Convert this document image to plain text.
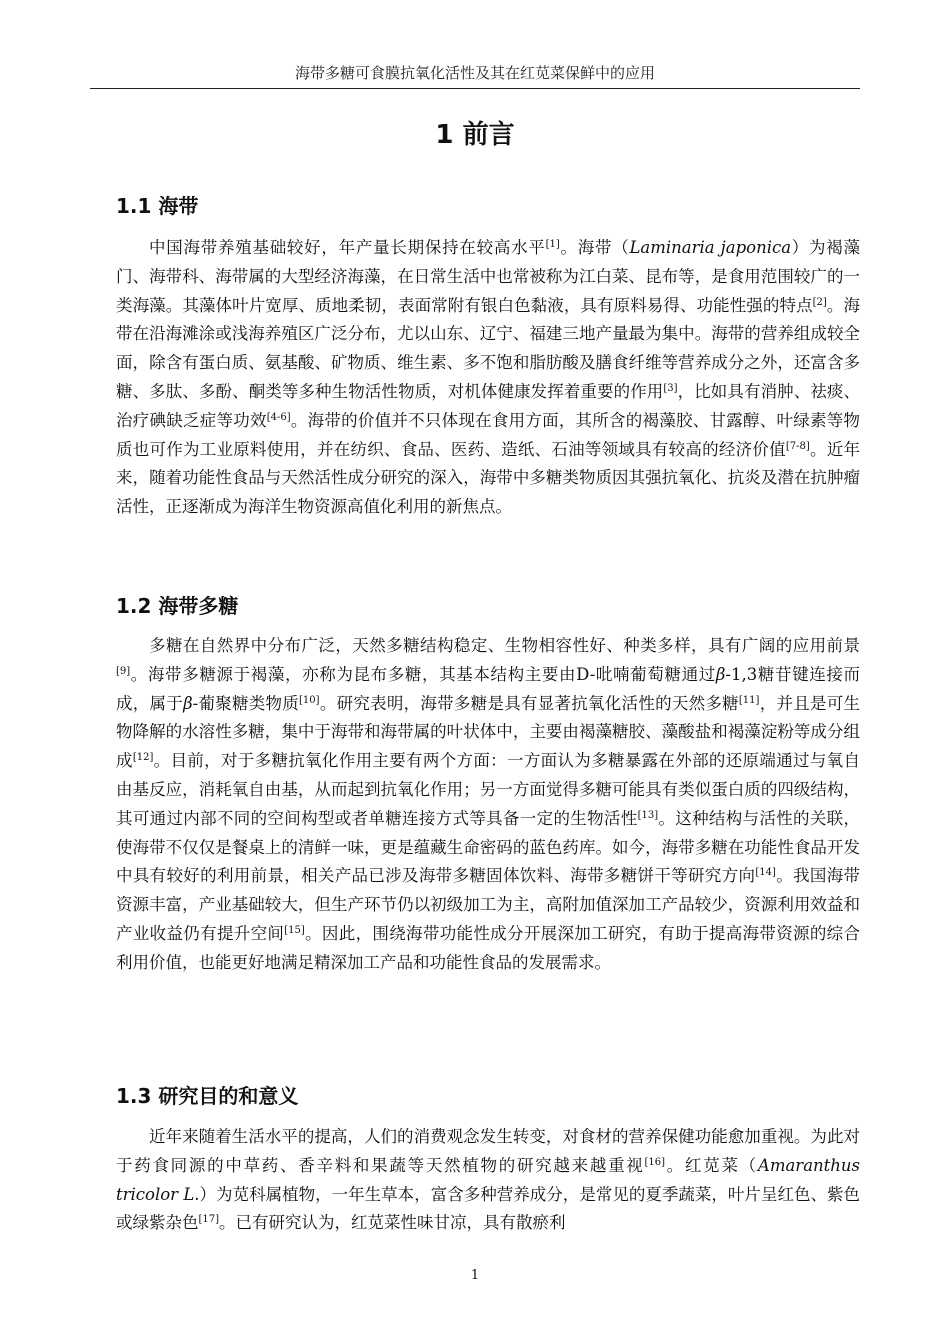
海带多糖可食膜抗氧化活性及其在红苋菜保鲜中的应用
1 前言
1.1 海带

中国海带养殖基础较好，年产量长期保持在较高水平[1]。海带（Laminaria japonica）为褐藻门、海带科、海带属的大型经济海藻，在日常生活中也常被称为江白菜、昆布等，是食用范围较广的一类海藻。其藻体叶片宽厚、质地柔韧，表面常附有银白色黏液，具有原料易得、功能性强的特点[2]。海带在沿海滩涂或浅海养殖区广泛分布，尤以山东、辽宁、福建三地产量最为集中。海带的营养组成较全面，除含有蛋白质、氨基酸、矿物质、维生素、多不饱和脂肪酸及膳食纤维等营养成分之外，还富含多糖、多肽、多酚、酮类等多种生物活性物质，对机体健康发挥着重要的作用[3]，比如具有消肿、祛痰、治疗碘缺乏症等功效[4-6]。海带的价值并不只体现在食用方面，其所含的褐藻胶、甘露醇、叶绿素等物质也可作为工业原料使用，并在纺织、食品、医药、造纸、石油等领域具有较高的经济价值[7-8]。近年来，随着功能性食品与天然活性成分研究的深入，海带中多糖类物质因其强抗氧化、抗炎及潜在抗肿瘤活性，正逐渐成为海洋生物资源高值化利用的新焦点。

1.2 海带多糖

多糖在自然界中分布广泛，天然多糖结构稳定、生物相容性好、种类多样，具有广阔的应用前景[9]。海带多糖源于褐藻，亦称为昆布多糖，其基本结构主要由D-吡喃葡萄糖通过β-1,3糖苷键连接而成，属于β-葡聚糖类物质[10]。研究表明，海带多糖是具有显著抗氧化活性的天然多糖[11]，并且是可生物降解的水溶性多糖，集中于海带和海带属的叶状体中，主要由褐藻糖胶、藻酸盐和褐藻淀粉等成分组成[12]。目前，对于多糖抗氧化作用主要有两个方面：一方面认为多糖暴露在外部的还原端通过与氧自由基反应，消耗氧自由基，从而起到抗氧化作用；另一方面觉得多糖可能具有类似蛋白质的四级结构，其可通过内部不同的空间构型或者单糖连接方式等具备一定的生物活性[13]。这种结构与活性的关联，使海带不仅仅是餐桌上的清鲜一味，更是蕴藏生命密码的蓝色药库。如今，海带多糖在功能性食品开发中具有较好的利用前景，相关产品已涉及海带多糖固体饮料、海带多糖饼干等研究方向[14]。我国海带资源丰富，产业基础较大，但生产环节仍以初级加工为主，高附加值深加工产品较少，资源利用效益和产业收益仍有提升空间[15]。因此，围绕海带功能性成分开展深加工研究，有助于提高海带资源的综合利用价值，也能更好地满足精深加工产品和功能性食品的发展需求。

1.3 研究目的和意义

近年来随着生活水平的提高，人们的消费观念发生转变，对食材的营养保健功能愈加重视。为此对于药食同源的中草药、香辛料和果蔬等天然植物的研究越来越重视[16]。红苋菜（Amaranthus tricolor L.）为苋科属植物，一年生草本，富含多种营养成分，是常见的夏季蔬菜，叶片呈红色、紫色或绿紫杂色[17]。已有研究认为，红苋菜性味甘凉，具有散瘀利

1
